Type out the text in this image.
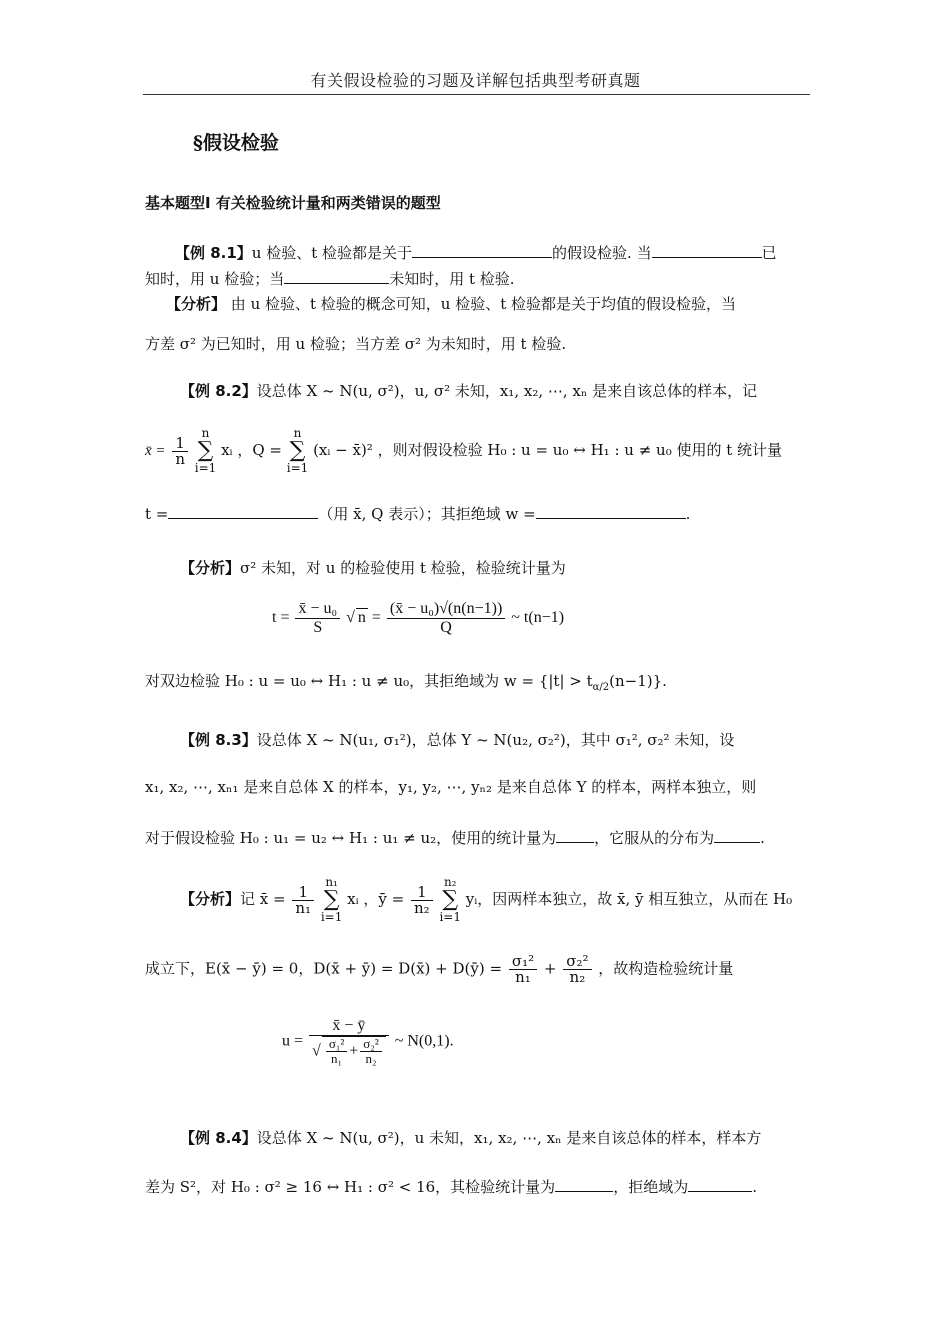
有关假设检验的习题及详解包括典型考研真题
§假设检验
基本题型Ⅰ 有关检验统计量和两类错误的题型
【例 8.1】u 检验、t 检验都是关于	的假设检验. 当	已
知时，用 u 检验；当	未知时，用 t 检验.
【分析】 由 u 检验、t 检验的概念可知，u 检验、t 检验都是关于均值的假设检验，当
方差 σ² 为已知时，用 u 检验；当方差 σ² 为未知时，用 t 检验.
【例 8.2】设总体 X ~ N(u, σ²)，u, σ² 未知，x₁, x₂, ⋯, xₙ 是来自该总体的样本，记
x̄ = $\frac{1}{n}$
n
∑
i=1 xᵢ ，Q = n
∑
i=1 (xᵢ − x̄)² ，则对假设检验 H₀ : u = u₀ ↔ H₁ : u ≠ u₀ 使用的 t 统计量
t =	（用 x̄, Q 表示）；其拒绝域 w =	.
【分析】σ² 未知，对 u 的检验使用 t 检验，检验统计量为
$t = \frac{\text{x̄ − u₀}}{S}$ √ $n = \frac{\text{(x̄ − u₀)√(n(n−1))}}{Q}$ ~ t(n−1)
对双边检验 H₀ : u = u₀ ↔ H₁ : u ≠ u₀，其拒绝域为 $w = \{|t| > t_{\alpha/2}(n-1)\}$.
【例 8.3】设总体 X ~ N(u₁, σ₁²)，总体 Y ~ N(u₂, σ₂²)，其中 σ₁², σ₂² 未知，设
x₁, x₂, ⋯, xₙ₁ 是来自总体 X 的样本，y₁, y₂, ⋯, yₙ₂ 是来自总体 Y 的样本，两样本独立，则
对于假设检验 H₀ : u₁ = u₂ ↔ H₁ : u₁ ≠ u₂，使用的统计量为	，它服从的分布为	.
【分析】记 x̄ = $\frac{1}{\text{n₁}}$
n₁
∑
i=1 xᵢ ，ȳ = $\frac{1}{\text{n₂}}$
n₂
∑
i=1 yᵢ，因两样本独立，故 x̄, ȳ 相互独立，从而在 H₀
成立下，E(x̄ − ȳ) = 0，D(x̄ + ȳ) = D(x̄) + D(ȳ) = $\frac{\text{σ₁²}}{\text{n₁}} + \frac{\text{σ₂²}}{\text{n₂}}$ ，故构造检验统计量
$u = \frac{x̄ - ȳ}{√ \frac{\text{σ₁²}}{\text{n₁}} + \frac{\text{σ₂²}}{\text{n₂}}}$ ~ N(0,1).
【例 8.4】设总体 X ~ N(u, σ²)，u 未知，x₁, x₂, ⋯, xₙ 是来自该总体的样本，样本方
差为 S²，对 H₀ : σ² ≥ 16 ↔ H₁ : σ² < 16，其检验统计量为	，拒绝域为	.
